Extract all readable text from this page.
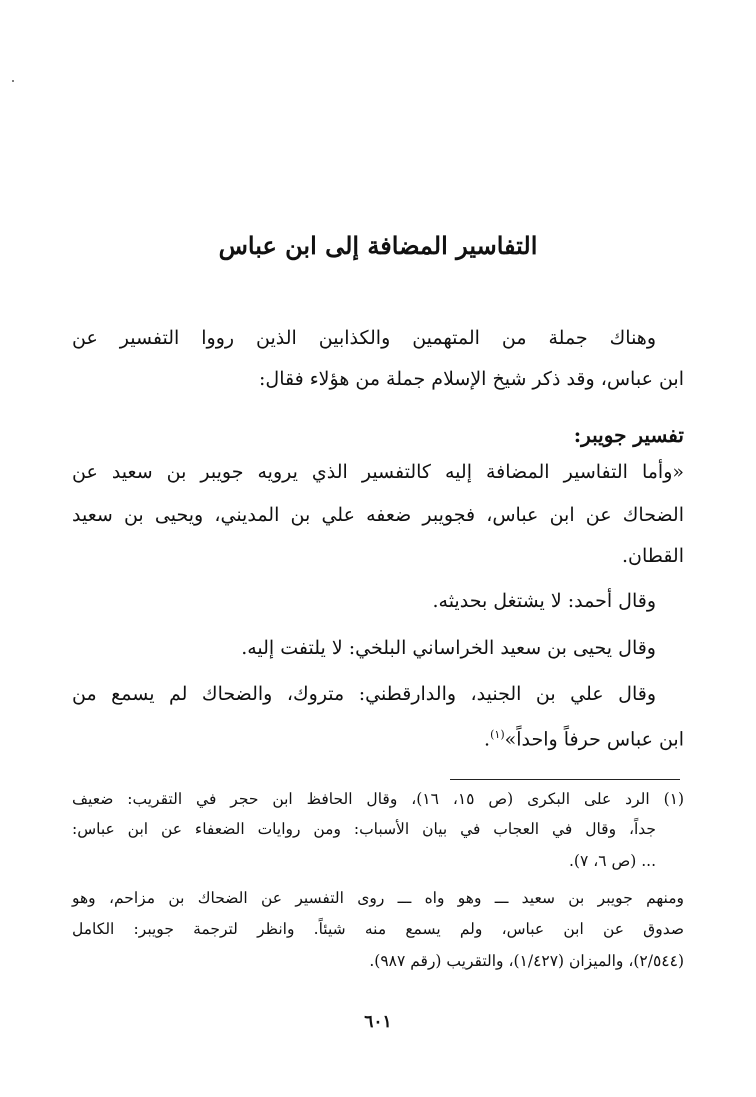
التفاسير المضافة إلى ابن عباس
وهناك جملة من المتهمين والكذابين الذين رووا التفسير عن
ابن عباس، وقد ذكر شيخ الإسلام جملة من هؤلاء فقال:
تفسير جويبر:
«وأما التفاسير المضافة إليه كالتفسير الذي يرويه جويبر بن سعيد عن
الضحاك عن ابن عباس، فجويبر ضعفه علي بن المديني، ويحيى بن سعيد
القطان.
وقال أحمد: لا يشتغل بحديثه.
وقال يحيى بن سعيد الخراساني البلخي: لا يلتفت إليه.
وقال علي بن الجنيد، والدارقطني: متروك، والضحاك لم يسمع من
ابن عباس حرفاً واحداً»$^{(١)}$.
(١) الرد على البكرى (ص ١٥، ١٦)، وقال الحافظ ابن حجر في التقريب: ضعيف
جداً، وقال في العجاب في بيان الأسباب: ومن روايات الضعفاء عن ابن عباس:
... (ص ٦، ٧).
ومنهم جويبر بن سعيد ـــ وهو واه ـــ روى التفسير عن الضحاك بن مزاحم، وهو
صدوق عن ابن عباس، ولم يسمع منه شيئاً. وانظر لترجمة جويبر: الكامل
(٢/٥٤٤)، والميزان (١/٤٢٧)، والتقريب (رقم ٩٨٧).
٦٠١
